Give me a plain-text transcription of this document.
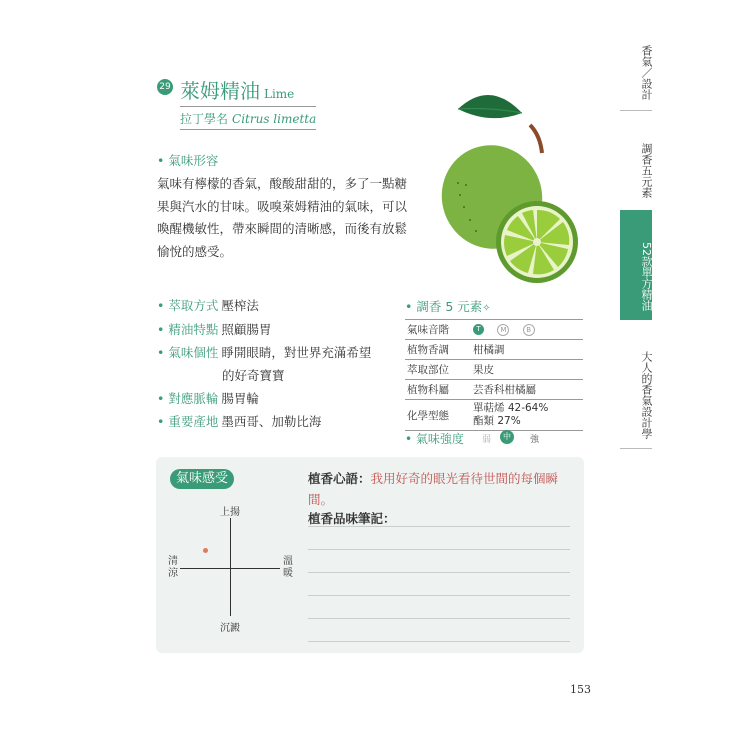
29 萊姆精油 Lime
拉丁學名 Citrus limetta
• 氣味形容
氣味有檸檬的香氣，酸酸甜甜的，多了一點糖果與汽水的甘味。吸嗅萊姆精油的氣味，可以喚醒機敏性，帶來瞬間的清晰感，而後有放鬆愉悅的感受。
• 萃取方式 壓榨法
• 精油特點 照顧腸胃
• 氣味個性 睜開眼睛，對世界充滿希望
的好奇寶寶
• 對應脈輪 腸胃輪
• 重要產地 墨西哥、加勒比海
• 調香 5 元素✧
氣味音階	T M B
植物香調	柑橘調
萃取部位	果皮
植物科屬	芸香科柑橘屬
化學型態	單萜烯 42-64%
酯類 27%
• 氣味強度 弱	中	強
氣味感受
上揚
沉澱
清涼
溫暖
植香心語：我用好奇的眼光看待世間的每個瞬間。
植香品味筆記：
香氣／設計
調香五元素
52款單方精油
大人的香氣設計學
153
